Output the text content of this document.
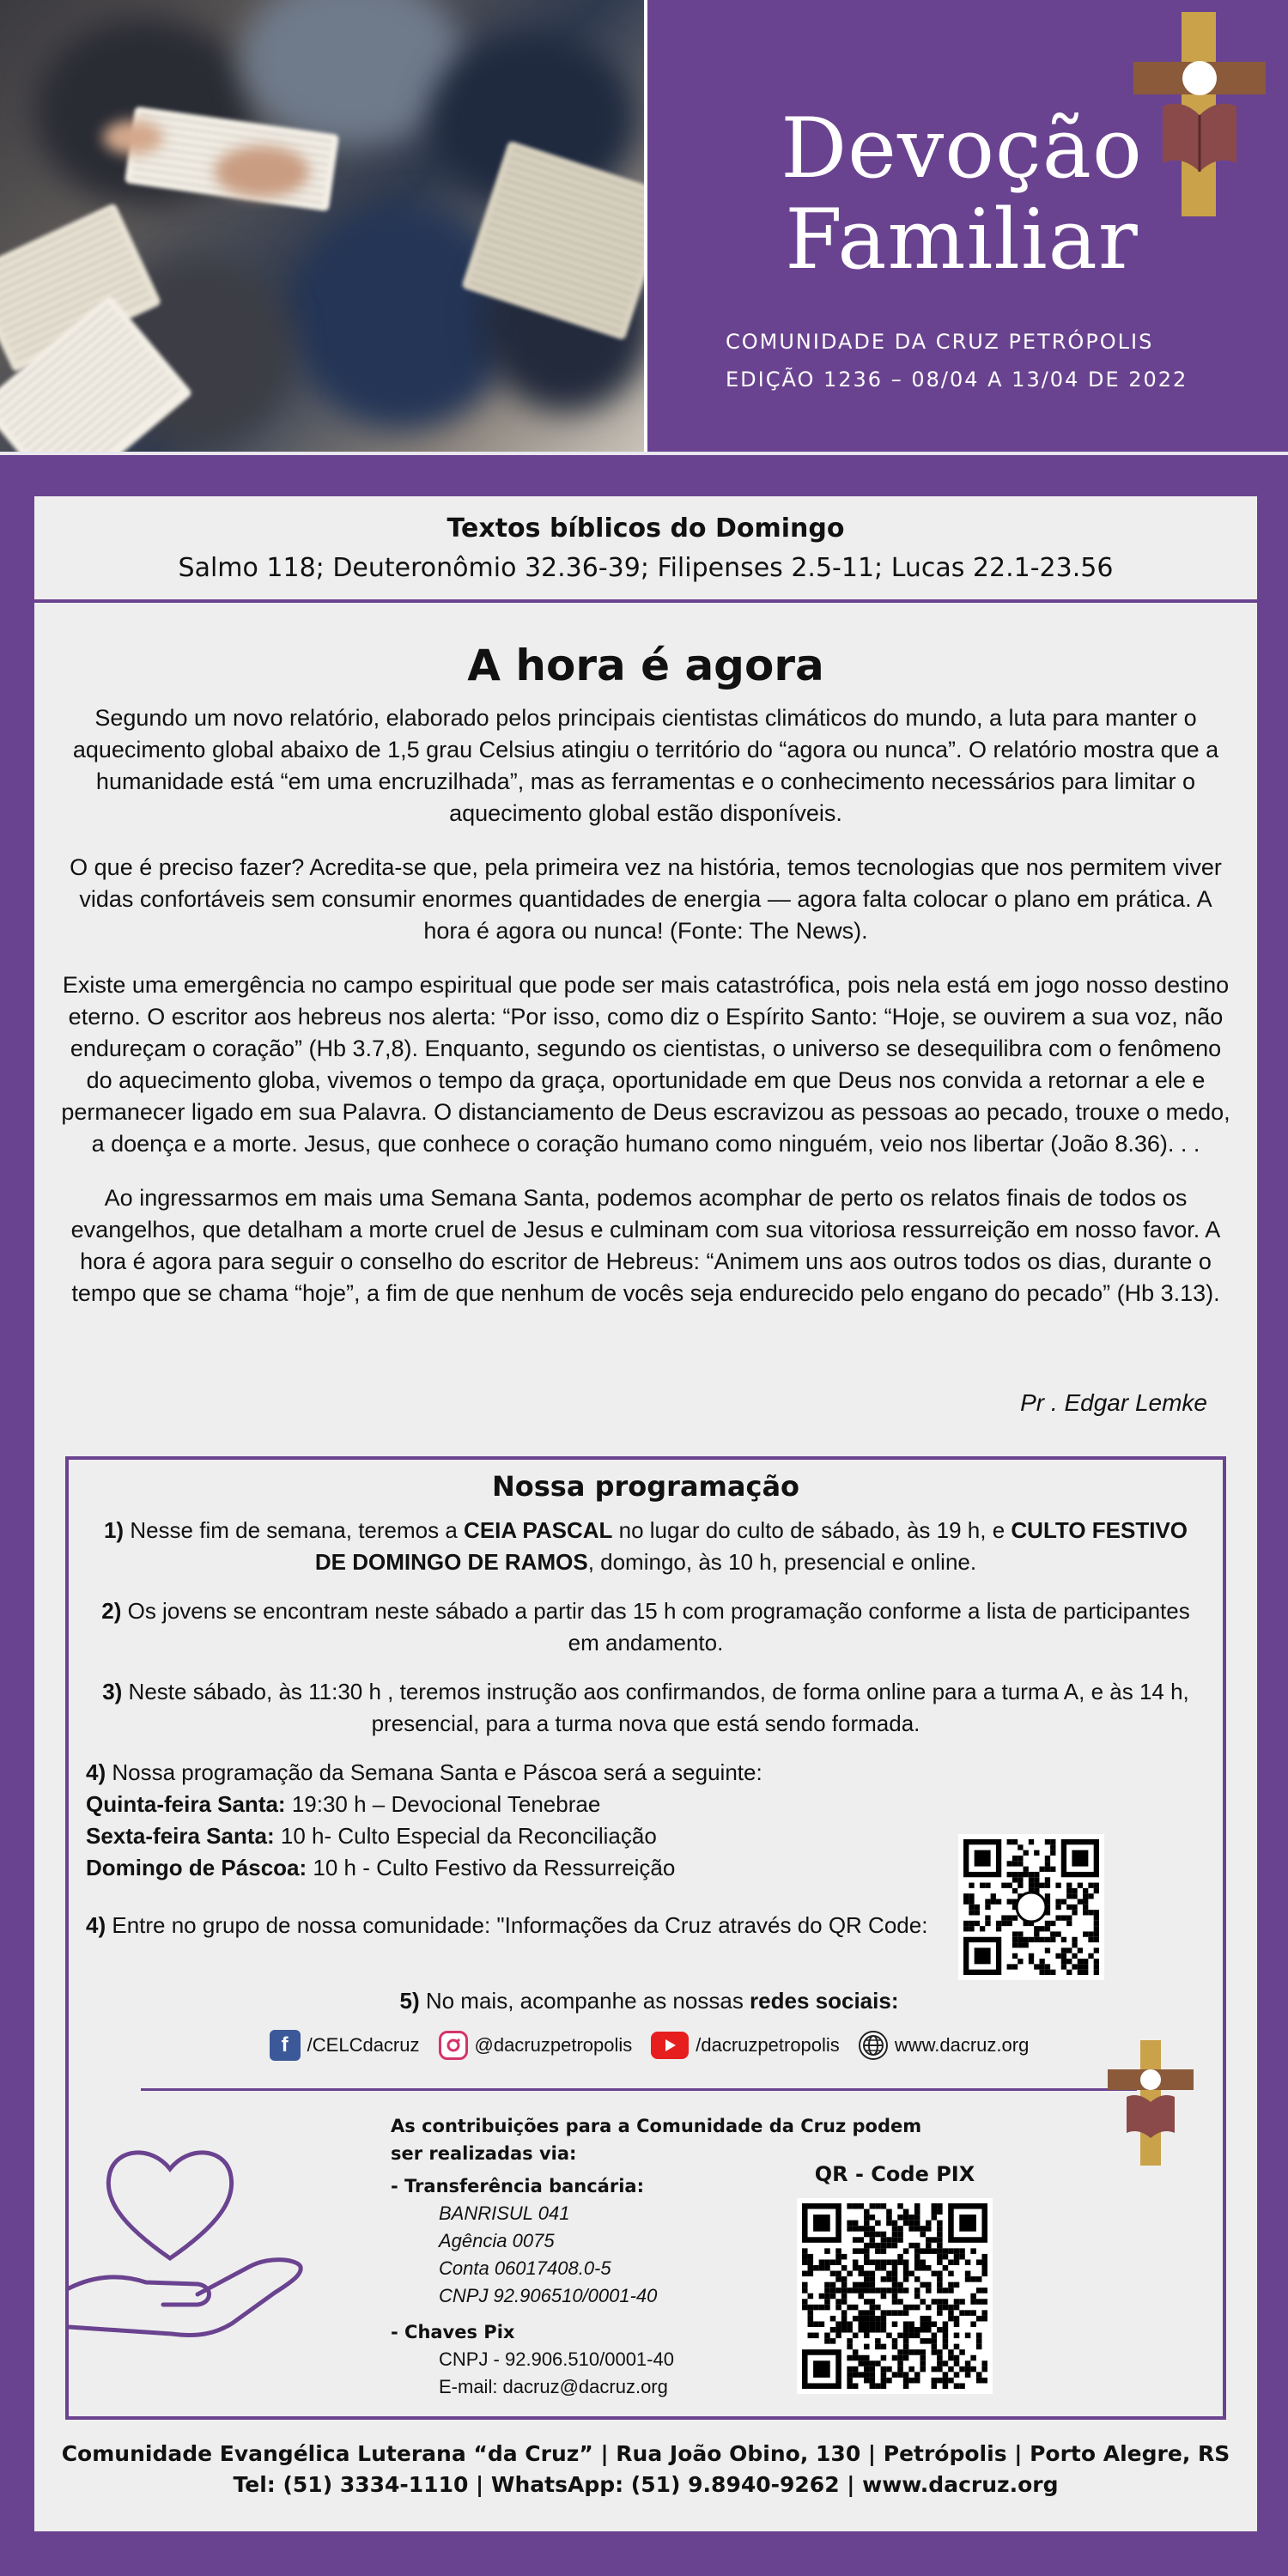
Devoção
Familiar
COMUNIDADE DA CRUZ PETRÓPOLIS
EDIÇÃO 1236 – 08/04 A 13/04 DE 2022
Textos bíblicos do Domingo
Salmo 118; Deuteronômio 32.36-39; Filipenses 2.5-11; Lucas 22.1-23.56
A hora é agora

Segundo um novo relatório, elaborado pelos principais cientistas climáticos do mundo, a luta para manter o aquecimento global abaixo de 1,5 grau Celsius atingiu o território do “agora ou nunca”. O relatório mostra que a humanidade está “em uma encruzilhada”, mas as ferramentas e o conhecimento necessários para limitar o aquecimento global estão disponíveis.

O que é preciso fazer? Acredita-se que, pela primeira vez na história, temos tecnologias que nos permitem viver vidas confortáveis sem consumir enormes quantidades de energia — agora falta colocar o plano em prática. A hora é agora ou nunca! (Fonte: The News).

Existe uma emergência no campo espiritual que pode ser mais catastrófica, pois nela está em jogo nosso destino eterno. O escritor aos hebreus nos alerta: “Por isso, como diz o Espírito Santo: “Hoje, se ouvirem a sua voz, não endureçam o coração” (Hb 3.7,8). Enquanto, segundo os cientistas, o universo se desequilibra com o fenômeno do aquecimento globa, vivemos o tempo da graça, oportunidade em que Deus nos convida a retornar a ele e permanecer ligado em sua Palavra. O distanciamento de Deus escravizou as pessoas ao pecado, trouxe o medo, a doença e a morte. Jesus, que conhece o coração humano como ninguém, veio nos libertar (João 8.36). . .

Ao ingressarmos em mais uma Semana Santa, podemos acomphar de perto os relatos finais de todos os evangelhos, que detalham a morte cruel de Jesus e culminam com sua vitoriosa ressurreição em nosso favor. A hora é agora para seguir o conselho do escritor de Hebreus: “Animem uns aos outros todos os dias, durante o tempo que se chama “hoje”, a fim de que nenhum de vocês seja endurecido pelo engano do pecado” (Hb 3.13).

Pr . Edgar Lemke
Nossa programação
1) Nesse fim de semana, teremos a CEIA PASCAL no lugar do culto de sábado, às 19 h, e CULTO FESTIVO DE DOMINGO DE RAMOS, domingo, às 10 h, presencial e online.
2) Os jovens se encontram neste sábado a partir das 15 h com programação conforme a lista de participantes em andamento.
3) Neste sábado, às 11:30 h , teremos instrução aos confirmandos, de forma online para a turma A, e às 14 h, presencial, para a turma nova que está sendo formada.
4) Nossa programação da Semana Santa e Páscoa será a seguinte:
Quinta-feira Santa: 19:30 h – Devocional Tenebrae
Sexta-feira Santa: 10 h- Culto Especial da Reconciliação
Domingo de Páscoa: 10 h - Culto Festivo da Ressurreição
4) Entre no grupo de nossa comunidade: "Informações da Cruz através do QR Code:
5) No mais, acompanhe as nossas redes sociais:
f	/CELCdacruz	@dacruzpetropolis	/dacruzpetropolis	www.dacruz.org
As contribuições para a Comunidade da Cruz podem ser realizadas via:
- Transferência bancária:
BANRISUL 041
Agência 0075
Conta 06017408.0-5
CNPJ 92.906510/0001-40
- Chaves Pix
CNPJ - 92.906.510/0001-40
E-mail: dacruz@dacruz.org
QR - Code PIX
Comunidade Evangélica Luterana “da Cruz” | Rua João Obino, 130 | Petrópolis | Porto Alegre, RS
Tel: (51) 3334-1110 | WhatsApp: (51) 9.8940-9262 | www.dacruz.org
